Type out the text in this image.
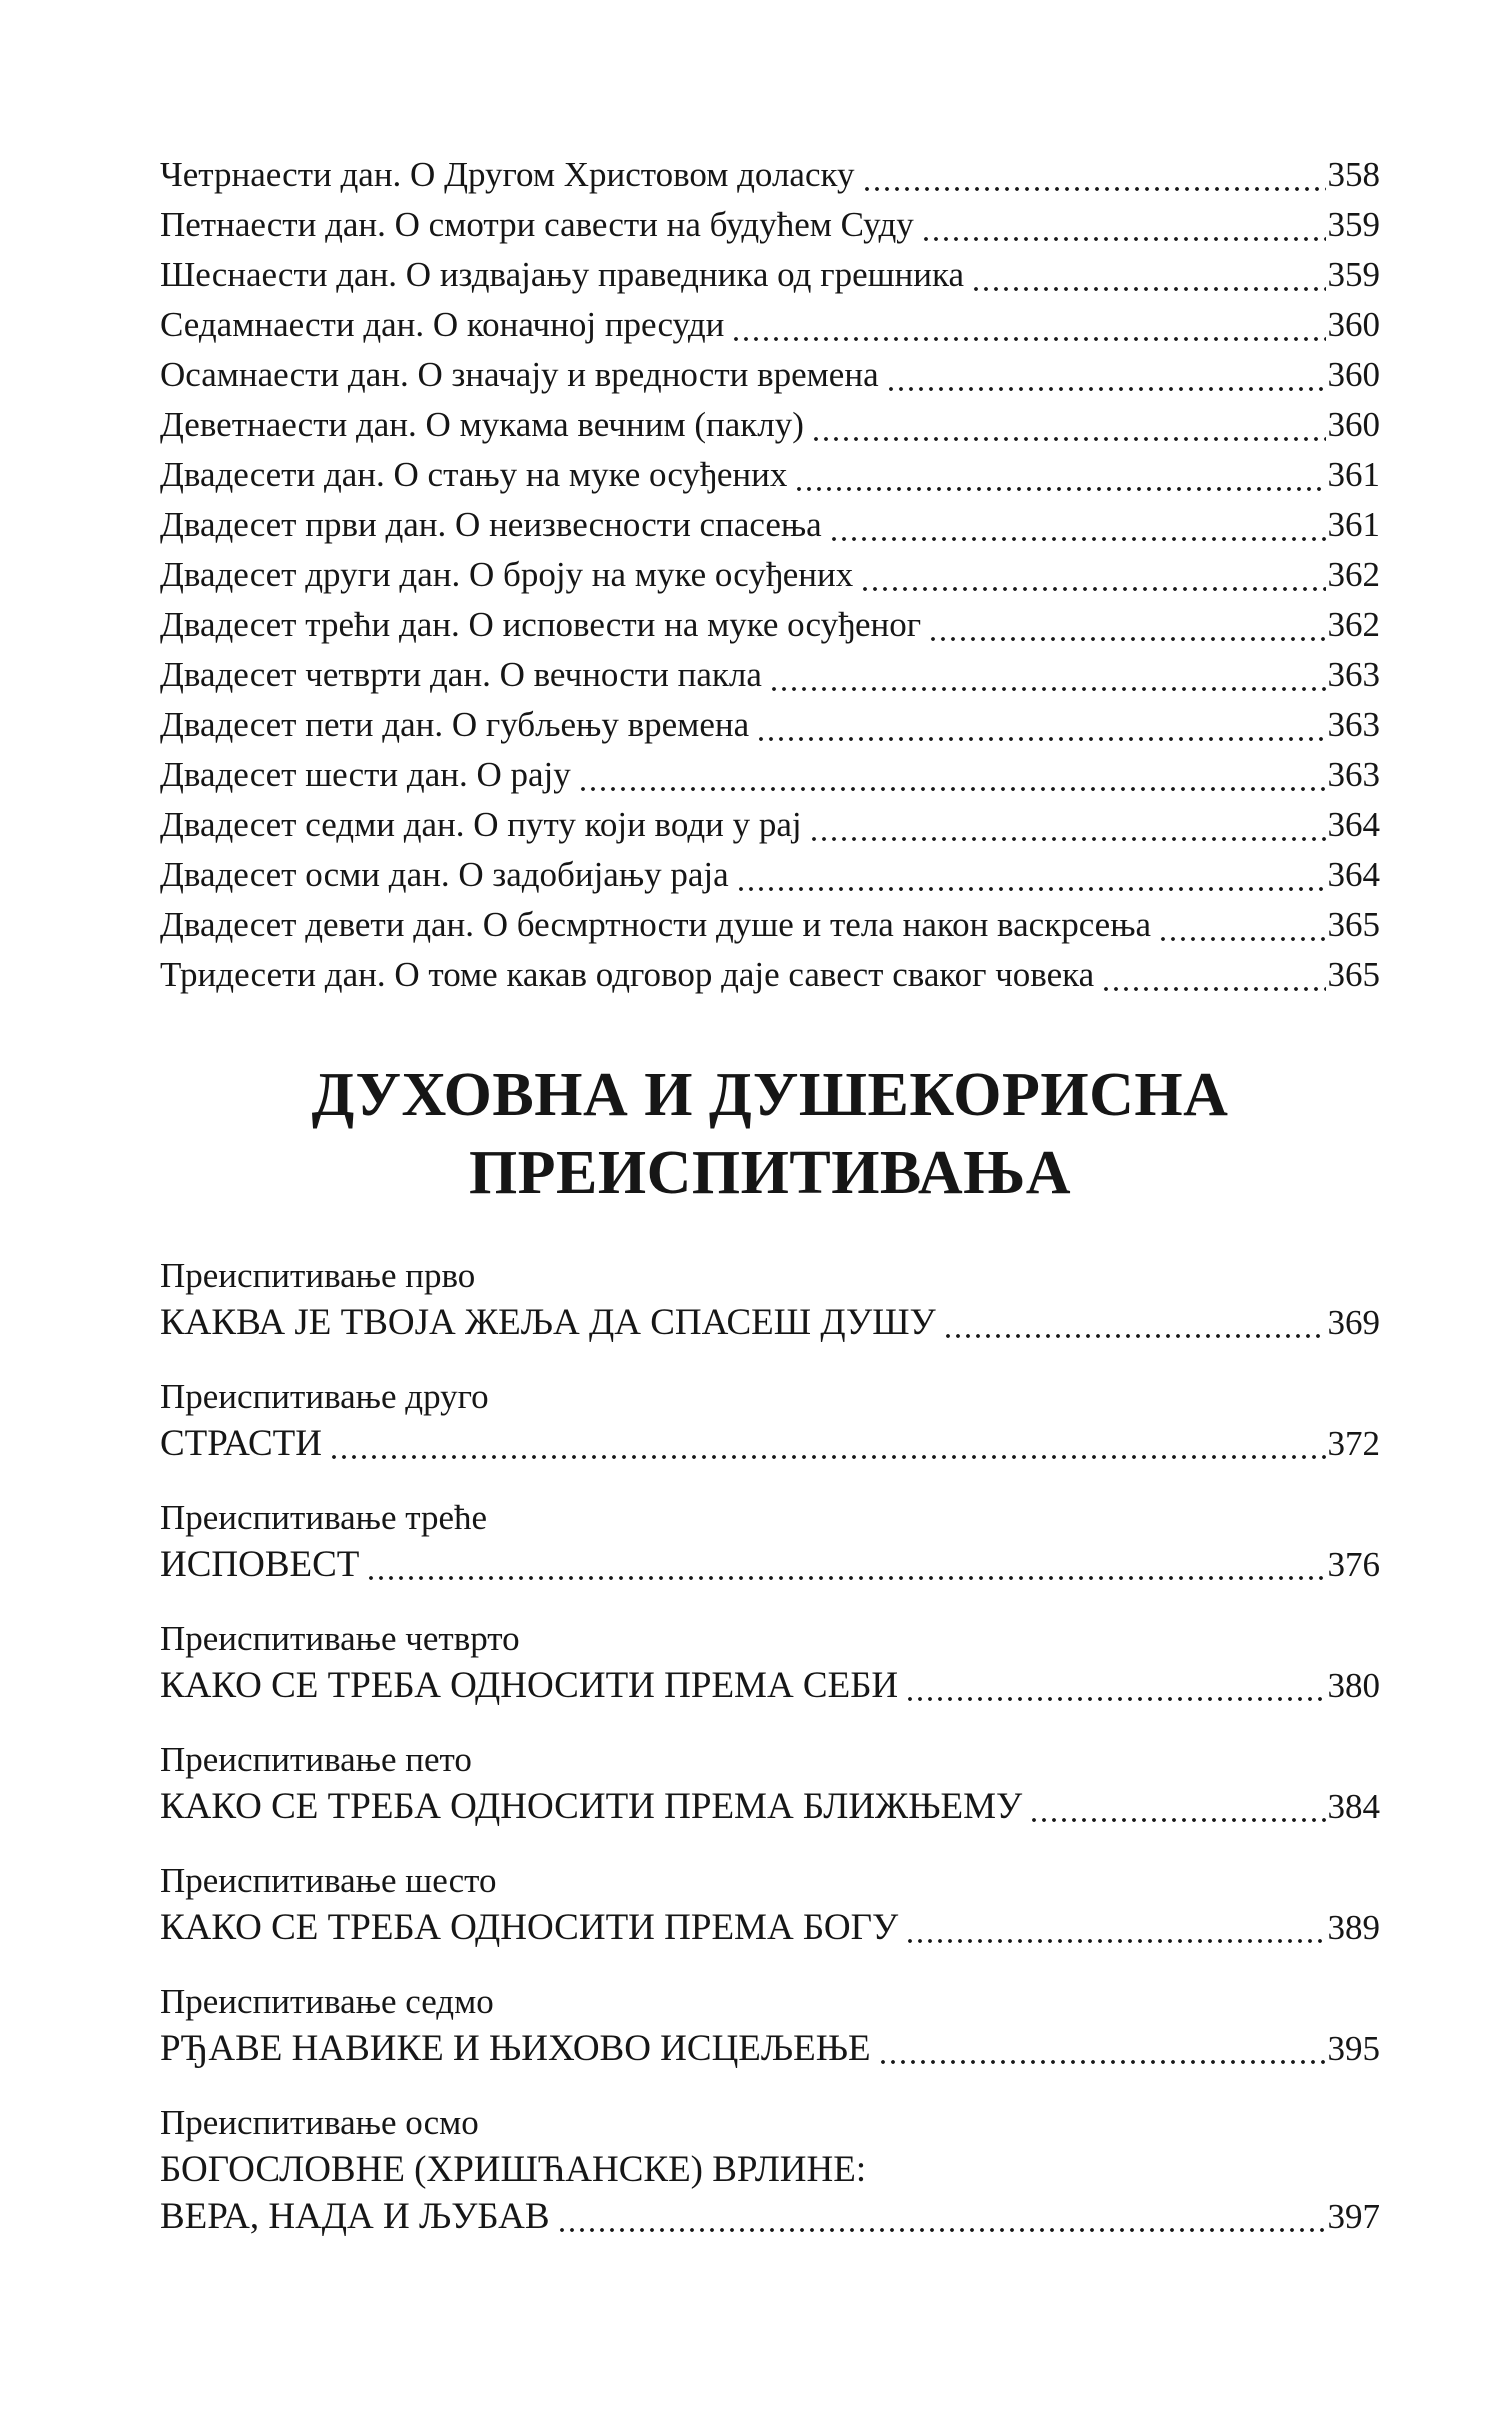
Четрнаести дан. О Другом Христовом доласку	358
Петнаести дан. О смотри савести на будућем Суду	359
Шеснаести дан. О издвајању праведника од грешника	359
Седамнаести дан. О коначној пресуди	360
Осамнаести дан. О значају и вредности времена	360
Деветнаести дан. О мукама вечним (паклу)	360
Двадесети дан. О стању на муке осуђених	361
Двадесет први дан. О неизвесности спасења	361
Двадесет други дан. О броју на муке осуђених	362
Двадесет трећи дан. О исповести на муке осуђеног	362
Двадесет четврти дан. О вечности пакла	363
Двадесет пети дан. О губљењу времена	363
Двадесет шести дан. О рају	363
Двадесет седми дан. О путу који води у рај	364
Двадесет осми дан. О задобијању раја	364
Двадесет девети дан. О бесмртности душе и тела након васкрсења	365
Тридесети дан. О томе какав одговор даје савест сваког човека	365
ДУХОВНА И ДУШЕКОРИСНА
ПРЕИСПИТИВАЊА
Преиспитивање прво
КАКВА ЈЕ ТВОЈА ЖЕЉА ДА СПАСЕШ ДУШУ	369
Преиспитивање друго
СТРАСТИ	372
Преиспитивање треће
ИСПОВЕСТ	376
Преиспитивање четврто
КАКО СЕ ТРЕБА ОДНОСИТИ ПРЕМА СЕБИ	380
Преиспитивање пето
КАКО СЕ ТРЕБА ОДНОСИТИ ПРЕМА БЛИЖЊЕМУ	384
Преиспитивање шесто
КАКО СЕ ТРЕБА ОДНОСИТИ ПРЕМА БОГУ	389
Преиспитивање седмо
РЂАВЕ НАВИКЕ И ЊИХОВО ИСЦЕЉЕЊЕ	395
Преиспитивање осмо
БОГОСЛОВНЕ (ХРИШЋАНСКЕ) ВРЛИНЕ:
ВЕРА, НАДА И ЉУБАВ	397
